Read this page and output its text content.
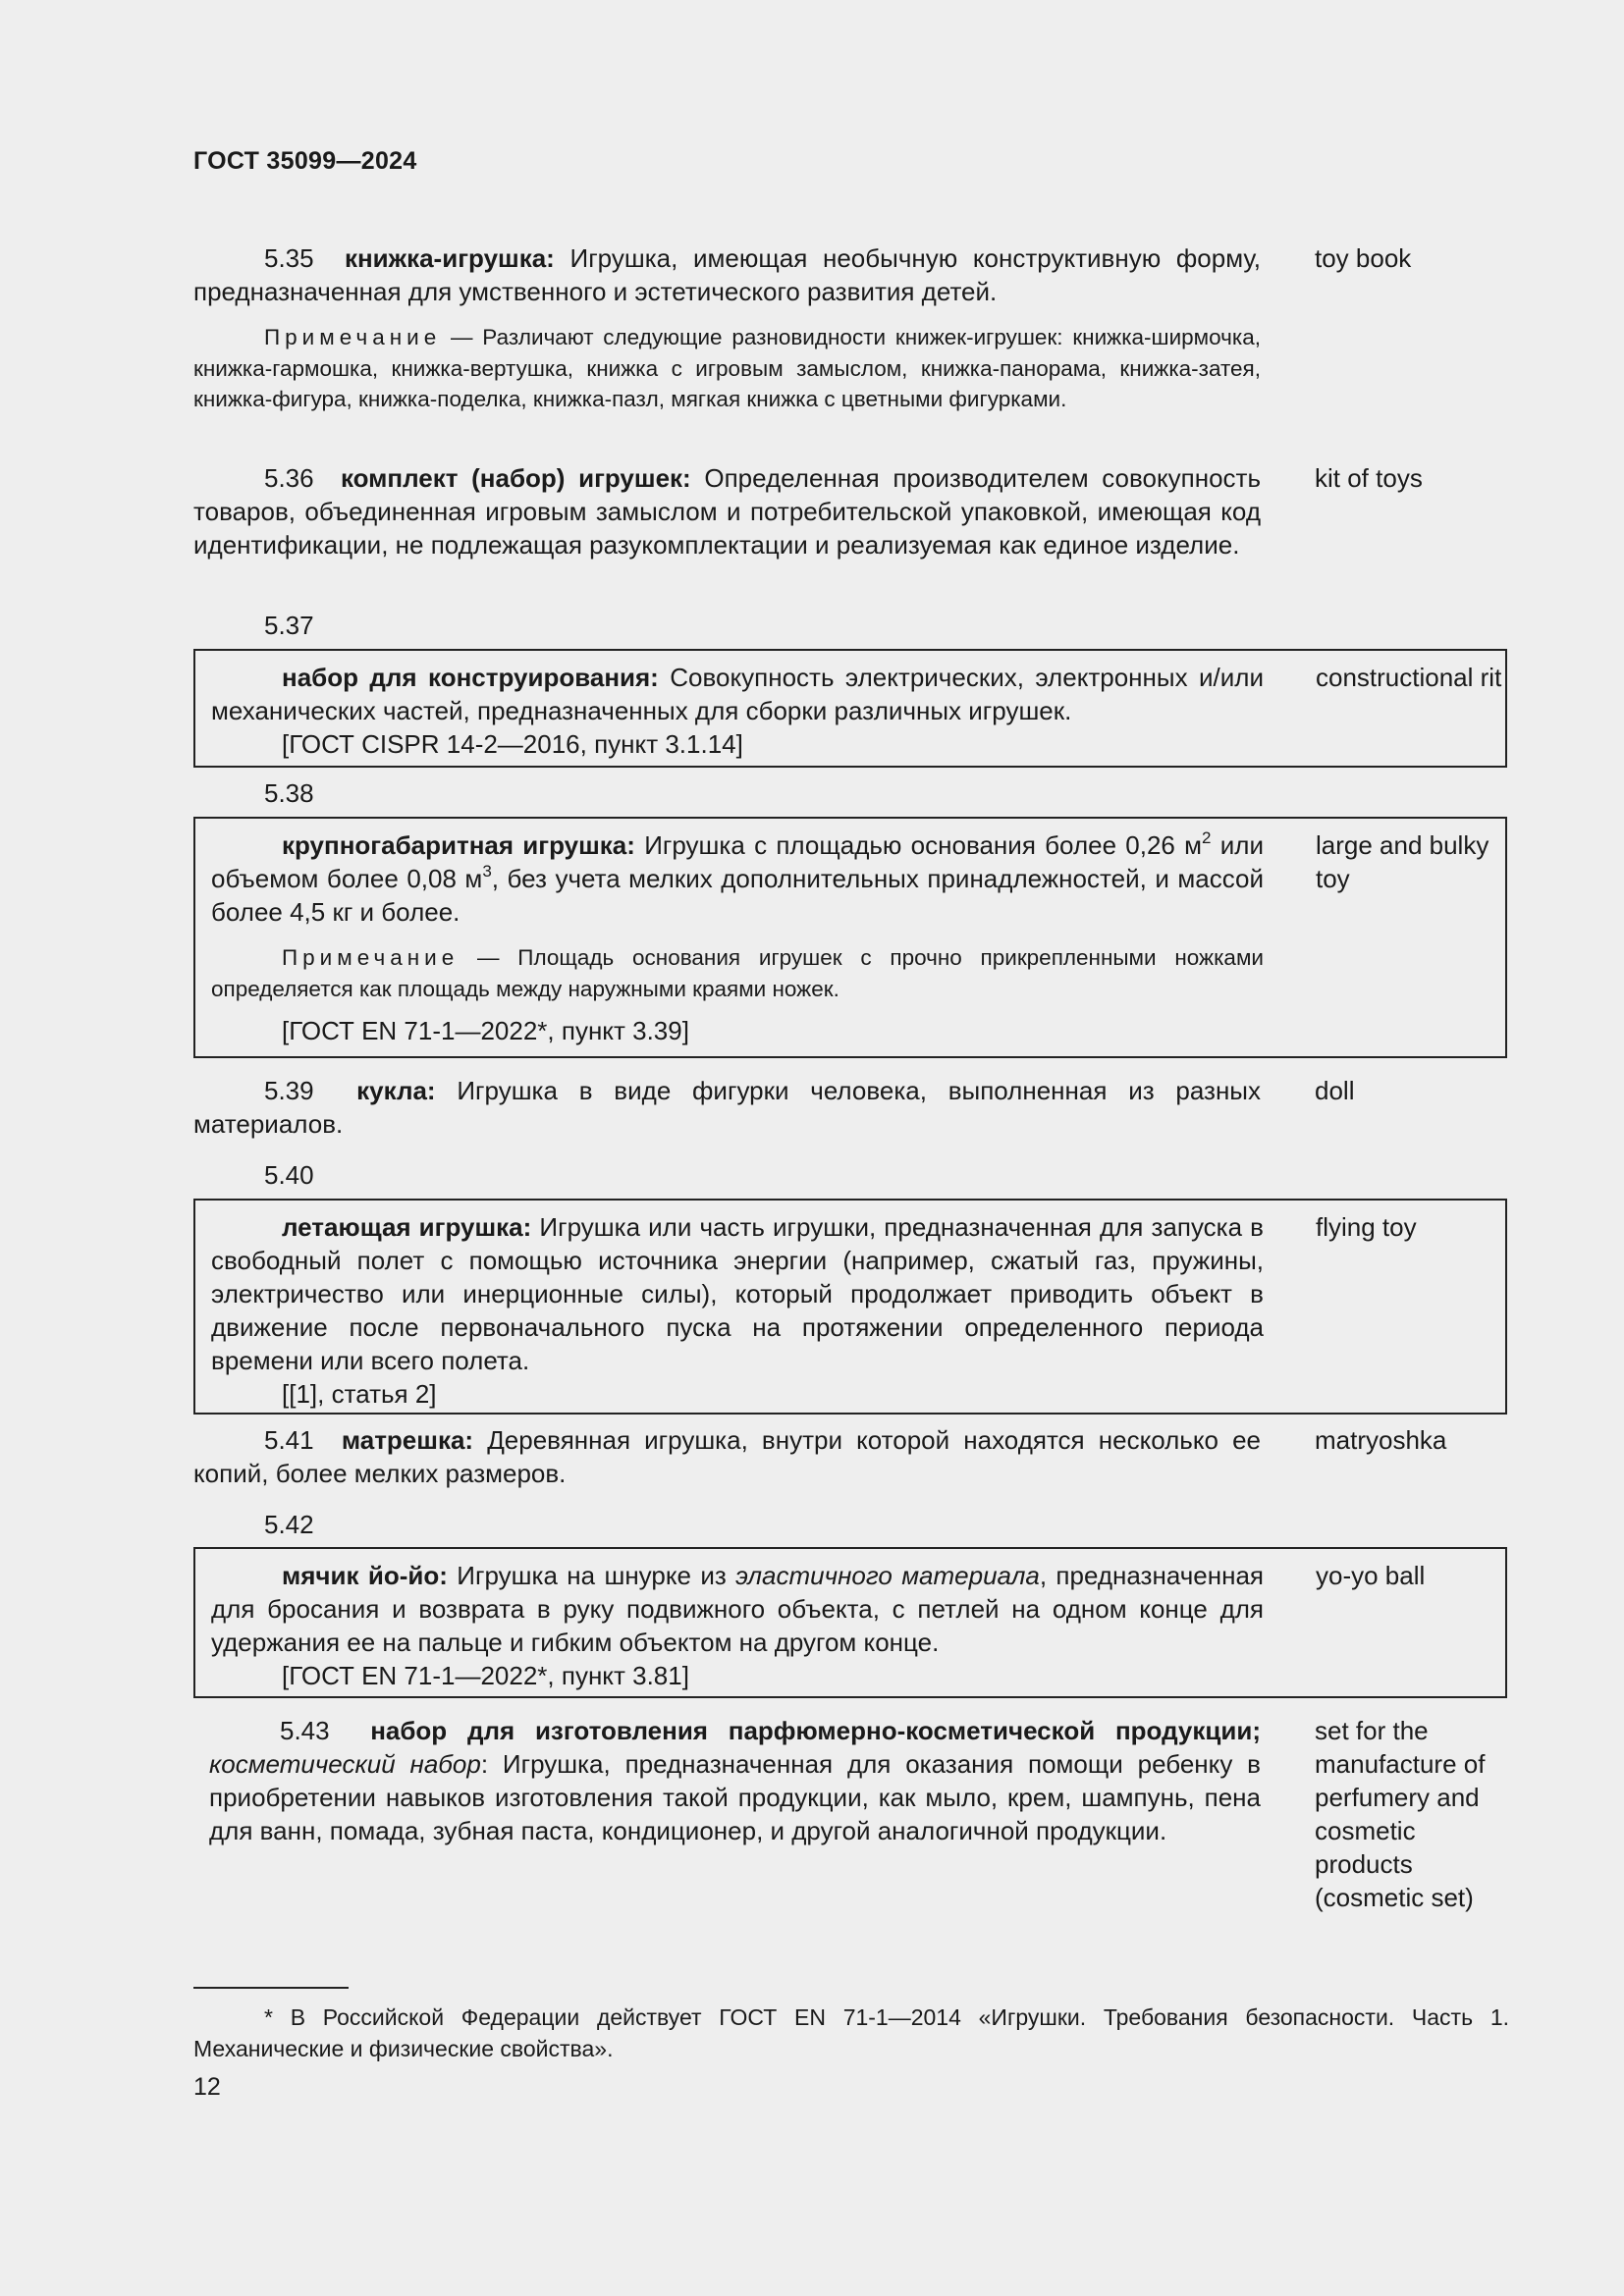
ГОСТ 35099—2024

5.35 книжка-игрушка: Игрушка, имеющая необычную конструктивную форму, предназначенная для умственного и эстетического развития детей.

Примечание — Различают следующие разновидности книжек-игрушек: книжка-ширмочка, книжка-гармошка, книжка-вертушка, книжка с игровым замыслом, книжка-панорама, книжка-затея, книжка-фигура, книжка-поделка, книжка-пазл, мягкая книжка с цветными фигурками.

toy book

5.36 комплект (набор) игрушек: Определенная производителем совокупность товаров, объединенная игровым замыслом и потребительской упаковкой, имеющая код идентификации, не подлежащая разукомплектации и реализуемая как единое изделие.

kit of toys
5.37

набор для конструирования: Совокупность электрических, электронных и/или механических частей, предназначенных для сборки различных игрушек.

[ГОСТ CISPR 14-2—2016, пункт 3.1.14]

constructional rit
5.38

крупногабаритная игрушка: Игрушка с площадью основания более 0,26 $м^2$ или объемом более 0,08 $м^3$, без учета мелких дополнительных принадлежностей, и массой более 4,5 кг и более.

Примечание — Площадь основания игрушек с прочно прикрепленными ножками определяется как площадь между наружными краями ножек.

[ГОСТ EN 71-1—2022*, пункт 3.39]

large and bulky toy

5.39 кукла: Игрушка в виде фигурки человека, выполненная из разных материалов.

doll
5.40

летающая игрушка: Игрушка или часть игрушки, предназначенная для запуска в свободный полет с помощью источника энергии (например, сжатый газ, пружины, электричество или инерционные силы), который продолжает приводить объект в движение после первоначального пуска на протяжении определенного периода времени или всего полета.

[[1], статья 2]

flying toy

5.41 матрешка: Деревянная игрушка, внутри которой находятся несколько ее копий, более мелких размеров.

matryoshka
5.42

мячик йо-йо: Игрушка на шнурке из эластичного материала, предназначенная для бросания и возврата в руку подвижного объекта, с петлей на одном конце для удержания ее на пальце и гибким объектом на другом конце.

[ГОСТ EN 71-1—2022*, пункт 3.81]

yo-yo ball

5.43 набор для изготовления парфюмерно-косметической продукции; косметический набор: Игрушка, предназначенная для оказания помощи ребенку в приобретении навыков изготовления такой продукции, как мыло, крем, шампунь, пена для ванн, помада, зубная паста, кондиционер, и другой аналогичной продукции.

set for the manufacture of perfumery and cosmetic products (cosmetic set)

* В Российской Федерации действует ГОСТ EN 71-1—2014 «Игрушки. Требования безопасности. Часть 1. Механические и физические свойства».

12
